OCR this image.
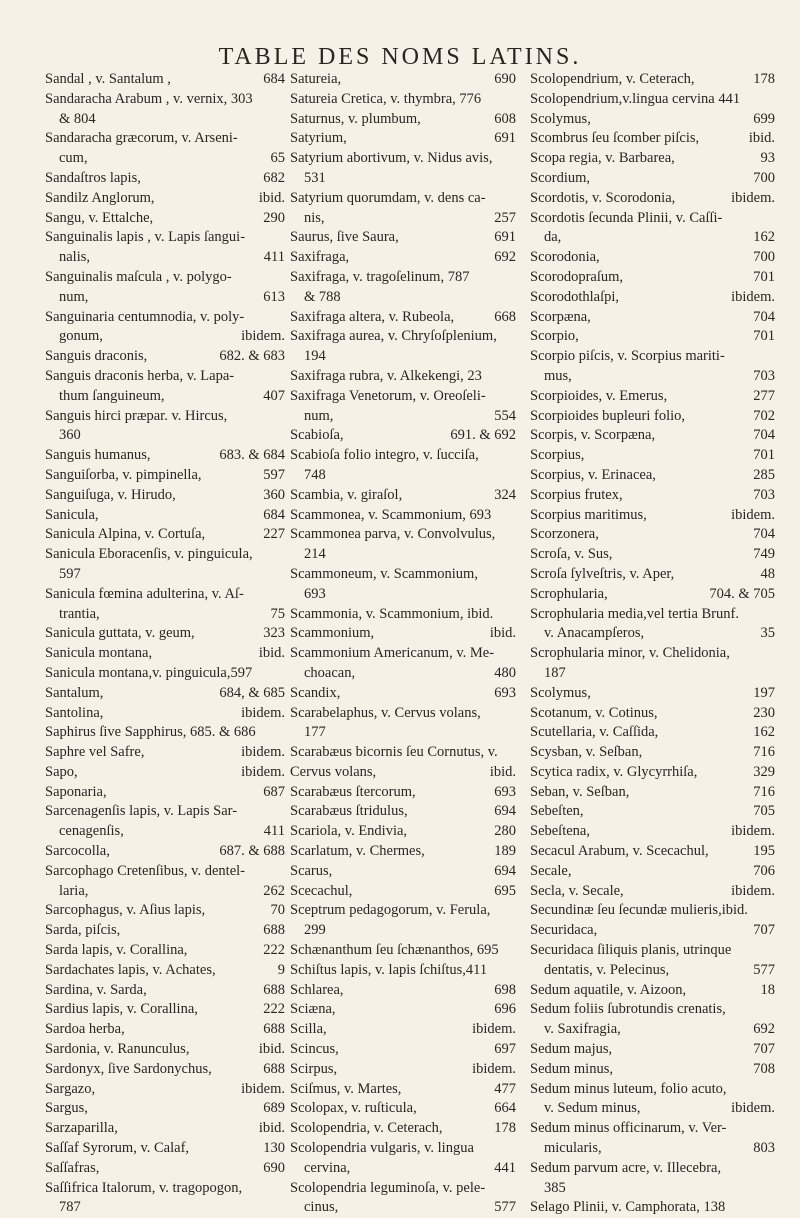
TABLE DES NOMS LATINS.
Sandal , v. Santalum ,	684
Sandaracha Arabum , v. vernix, 303
& 804
Sandaracha græcorum, v. Arseni-
cum,	65
Sandaſtros lapis,	682
Sandilz Anglorum,	ibid.
Sangu, v. Ettalche,	290
Sanguinalis lapis , v. Lapis ſangui-
nalis,	411
Sanguinalis maſcula , v. polygo-
num,	613
Sanguinaria centumnodia, v. poly-
gonum,	ibidem.
Sanguis draconis,	682. & 683
Sanguis draconis herba, v. Lapa-
thum ſanguineum,	407
Sanguis hirci præpar. v. Hircus,
360
Sanguis humanus,	683. & 684
Sanguiſorba, v. pimpinella,	597
Sanguiſuga, v. Hirudo,	360
Sanicula,	684
Sanicula Alpina, v. Cortuſa,	227
Sanicula Eboracenſis, v. pinguicula,
597
Sanicula fœmina adulterina, v. Aſ-
trantia,	75
Sanicula guttata, v. geum,	323
Sanicula montana,	ibid.
Sanicula montana,v. pinguicula,597
Santalum,	684, & 685
Santolina,	ibidem.
Saphirus ſive Sapphirus, 685. & 686
Saphre vel Safre,	ibidem.
Sapo,	ibidem.
Saponaria,	687
Sarcenagenſis lapis, v. Lapis Sar-
cenagenſis,	411
Sarcocolla,	687. & 688
Sarcophago Cretenſibus, v. dentel-
laria,	262
Sarcophagus, v. Aſius lapis,	70
Sarda, piſcis,	688
Sarda lapis, v. Corallina,	222
Sardachates lapis, v. Achates,	9
Sardina, v. Sarda,	688
Sardius lapis, v. Corallina,	222
Sardoa herba,	688
Sardonia, v. Ranunculus,	ibid.
Sardonyx, ſive Sardonychus,	688
Sargazo,	ibidem.
Sargus,	689
Sarzaparilla,	ibid.
Saſſaf Syrorum, v. Calaf,	130
Saſſafras,	690
Saſſifrica Italorum, v. tragopogon,
787
Satureia,	690
Satureia Cretica, v. thymbra, 776
Saturnus, v. plumbum,	608
Satyrium,	691
Satyrium abortivum, v. Nidus avis,
531
Satyrium quorumdam, v. dens ca-
nis,	257
Saurus, ſive Saura,	691
Saxifraga,	692
Saxifraga, v. tragoſelinum, 787
& 788
Saxifraga altera, v. Rubeola,	668
Saxifraga aurea, v. Chryſoſplenium,
194
Saxifraga rubra, v. Alkekengi, 23
Saxifraga Venetorum, v. Oreoſeli-
num,	554
Scabioſa,	691. & 692
Scabioſa folio integro, v. ſucciſa,
748
Scambia, v. giraſol,	324
Scammonea, v. Scammonium, 693
Scammonea parva, v. Convolvulus,
214
Scammoneum, v. Scammonium,
693
Scammonia, v. Scammonium, ibid.
Scammonium,	ibid.
Scammonium Americanum, v. Me-
choacan,	480
Scandix,	693
Scarabelaphus, v. Cervus volans,
177
Scarabæus bicornis ſeu Cornutus, v.
Cervus volans,	ibid.
Scarabæus ſtercorum,	693
Scarabæus ſtridulus,	694
Scariola, v. Endivia,	280
Scarlatum, v. Chermes,	189
Scarus,	694
Scecachul,	695
Sceptrum pedagogorum, v. Ferula,
299
Schænanthum ſeu ſchænanthos, 695
Schiſtus lapis, v. lapis ſchiſtus,411
Schlarea,	698
Sciæna,	696
Scilla,	ibidem.
Scincus,	697
Scirpus,	ibidem.
Sciſmus, v. Martes,	477
Scolopax, v. ruſticula,	664
Scolopendria, v. Ceterach,	178
Scolopendria vulgaris, v. lingua
cervina,	441
Scolopendria leguminoſa, v. pele-
cinus,	577
Scolopendrium, v. Ceterach,	178
Scolopendrium,v.lingua cervina 441
Scolymus,	699
Scombrus ſeu ſcomber piſcis,	ibid.
Scopa regia, v. Barbarea,	93
Scordium,	700
Scordotis, v. Scorodonia,	ibidem.
Scordotis ſecunda Plinii, v. Caſſi-
da,	162
Scorodonia,	700
Scorodopraſum,	701
Scorodothlaſpi,	ibidem.
Scorpæna,	704
Scorpio,	701
Scorpio piſcis, v. Scorpius mariti-
mus,	703
Scorpioides, v. Emerus,	277
Scorpioides bupleuri folio,	702
Scorpis, v. Scorpæna,	704
Scorpius,	701
Scorpius, v. Erinacea,	285
Scorpius frutex,	703
Scorpius maritimus,	ibidem.
Scorzonera,	704
Scroſa, v. Sus,	749
Scroſa ſylveſtris, v. Aper,	48
Scrophularia,	704. & 705
Scrophularia media,vel tertia Brunf.
v. Anacampſeros,	35
Scrophularia minor, v. Chelidonia,
187
Scolymus,	197
Scotanum, v. Cotinus,	230
Scutellaria, v. Caſſida,	162
Scysban, v. Seſban,	716
Scytica radix, v. Glycyrrhiſa,	329
Seban, v. Seſban,	716
Sebeſten,	705
Sebeſtena,	ibidem.
Secacul Arabum, v. Scecachul,	195
Secale,	706
Secla, v. Secale,	ibidem.
Secundinæ ſeu ſecundæ mulieris,ibid.
Securidaca,	707
Securidaca ſiliquis planis, utrinque
dentatis, v. Pelecinus,	577
Sedum aquatile, v. Aizoon,	18
Sedum foliis ſubrotundis crenatis,
v. Saxifragia,	692
Sedum majus,	707
Sedum minus,	708
Sedum minus luteum, folio acuto,
v. Sedum minus,	ibidem.
Sedum minus officinarum, v. Ver-
micularis,	803
Sedum parvum acre, v. Illecebra,
385
Selago Plinii, v. Camphorata, 138
